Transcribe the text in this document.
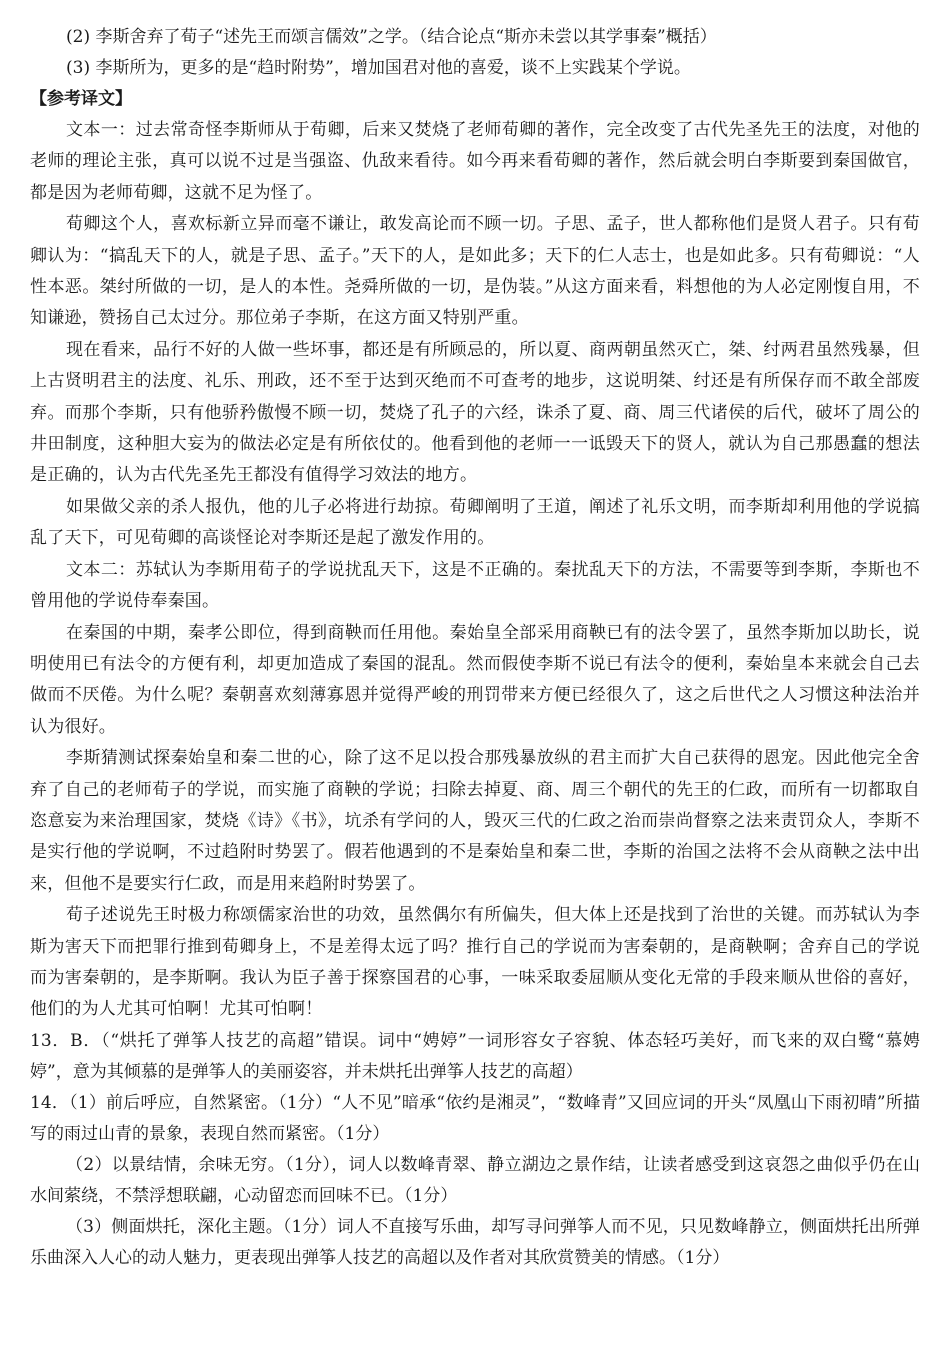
(2) 李斯舍弃了荀子“述先王而颂言儒效”之学。（结合论点“斯亦未尝以其学事秦”概括）

(3) 李斯所为，更多的是“趋时附势”，增加国君对他的喜爱，谈不上实践某个学说。

【参考译文】

文本一：过去常奇怪李斯师从于荀卿，后来又焚烧了老师荀卿的著作，完全改变了古代先圣先王的法度，对他的老师的理论主张，真可以说不过是当强盗、仇敌来看待。如今再来看荀卿的著作，然后就会明白李斯要到秦国做官，都是因为老师荀卿，这就不足为怪了。

荀卿这个人，喜欢标新立异而毫不谦让，敢发高论而不顾一切。子思、孟子，世人都称他们是贤人君子。只有荀卿认为：“搞乱天下的人，就是子思、孟子。”天下的人，是如此多；天下的仁人志士，也是如此多。只有荀卿说：“人性本恶。桀纣所做的一切，是人的本性。尧舜所做的一切，是伪装。”从这方面来看，料想他的为人必定刚愎自用，不知谦逊，赞扬自己太过分。那位弟子李斯，在这方面又特别严重。

现在看来，品行不好的人做一些坏事，都还是有所顾忌的，所以夏、商两朝虽然灭亡，桀、纣两君虽然残暴，但上古贤明君主的法度、礼乐、刑政，还不至于达到灭绝而不可查考的地步，这说明桀、纣还是有所保存而不敢全部废弃。而那个李斯，只有他骄矜傲慢不顾一切，焚烧了孔子的六经，诛杀了夏、商、周三代诸侯的后代，破坏了周公的井田制度，这种胆大妄为的做法必定是有所依仗的。他看到他的老师一一诋毁天下的贤人，就认为自己那愚蠢的想法是正确的，认为古代先圣先王都没有值得学习效法的地方。

如果做父亲的杀人报仇，他的儿子必将进行劫掠。荀卿阐明了王道，阐述了礼乐文明，而李斯却利用他的学说搞乱了天下，可见荀卿的高谈怪论对李斯还是起了激发作用的。

文本二：苏轼认为李斯用荀子的学说扰乱天下，这是不正确的。秦扰乱天下的方法，不需要等到李斯，李斯也不曾用他的学说侍奉秦国。

在秦国的中期，秦孝公即位，得到商鞅而任用他。秦始皇全部采用商鞅已有的法令罢了，虽然李斯加以助长，说明使用已有法令的方便有利，却更加造成了秦国的混乱。然而假使李斯不说已有法令的便利，秦始皇本来就会自己去做而不厌倦。为什么呢？秦朝喜欢刻薄寡恩并觉得严峻的刑罚带来方便已经很久了，这之后世代之人习惯这种法治并认为很好。

李斯猜测试探秦始皇和秦二世的心，除了这不足以投合那残暴放纵的君主而扩大自己获得的恩宠。因此他完全舍弃了自己的老师荀子的学说，而实施了商鞅的学说；扫除去掉夏、商、周三个朝代的先王的仁政，而所有一切都取自恣意妄为来治理国家，焚烧《诗》《书》，坑杀有学问的人，毁灭三代的仁政之治而崇尚督察之法来责罚众人，李斯不是实行他的学说啊，不过趋附时势罢了。假若他遇到的不是秦始皇和秦二世，李斯的治国之法将不会从商鞅之法中出来，但他不是要实行仁政，而是用来趋附时势罢了。

荀子述说先王时极力称颂儒家治世的功效，虽然偶尔有所偏失，但大体上还是找到了治世的关键。而苏轼认为李斯为害天下而把罪行推到荀卿身上，不是差得太远了吗？推行自己的学说而为害秦朝的，是商鞅啊；舍弃自己的学说而为害秦朝的，是李斯啊。我认为臣子善于探察国君的心事，一味采取委屈顺从变化无常的手段来顺从世俗的喜好，他们的为人尤其可怕啊！尤其可怕啊！

13．B．（“烘托了弹筝人技艺的高超”错误。词中“娉婷”一词形容女子容貌、体态轻巧美好，而飞来的双白鹭“慕娉婷”，意为其倾慕的是弹筝人的美丽姿容，并未烘托出弹筝人技艺的高超）

14．（1）前后呼应，自然紧密。（1分）“人不见”暗承“依约是湘灵”，“数峰青”又回应词的开头“凤凰山下雨初晴”所描写的雨过山青的景象，表现自然而紧密。（1分）

（2）以景结情，余味无穷。（1分），词人以数峰青翠、静立湖边之景作结，让读者感受到这哀怨之曲似乎仍在山水间萦绕，不禁浮想联翩，心动留恋而回味不已。（1分）

（3）侧面烘托，深化主题。（1分）词人不直接写乐曲，却写寻问弹筝人而不见，只见数峰静立，侧面烘托出所弹乐曲深入人心的动人魅力，更表现出弹筝人技艺的高超以及作者对其欣赏赞美的情感。（1分）
